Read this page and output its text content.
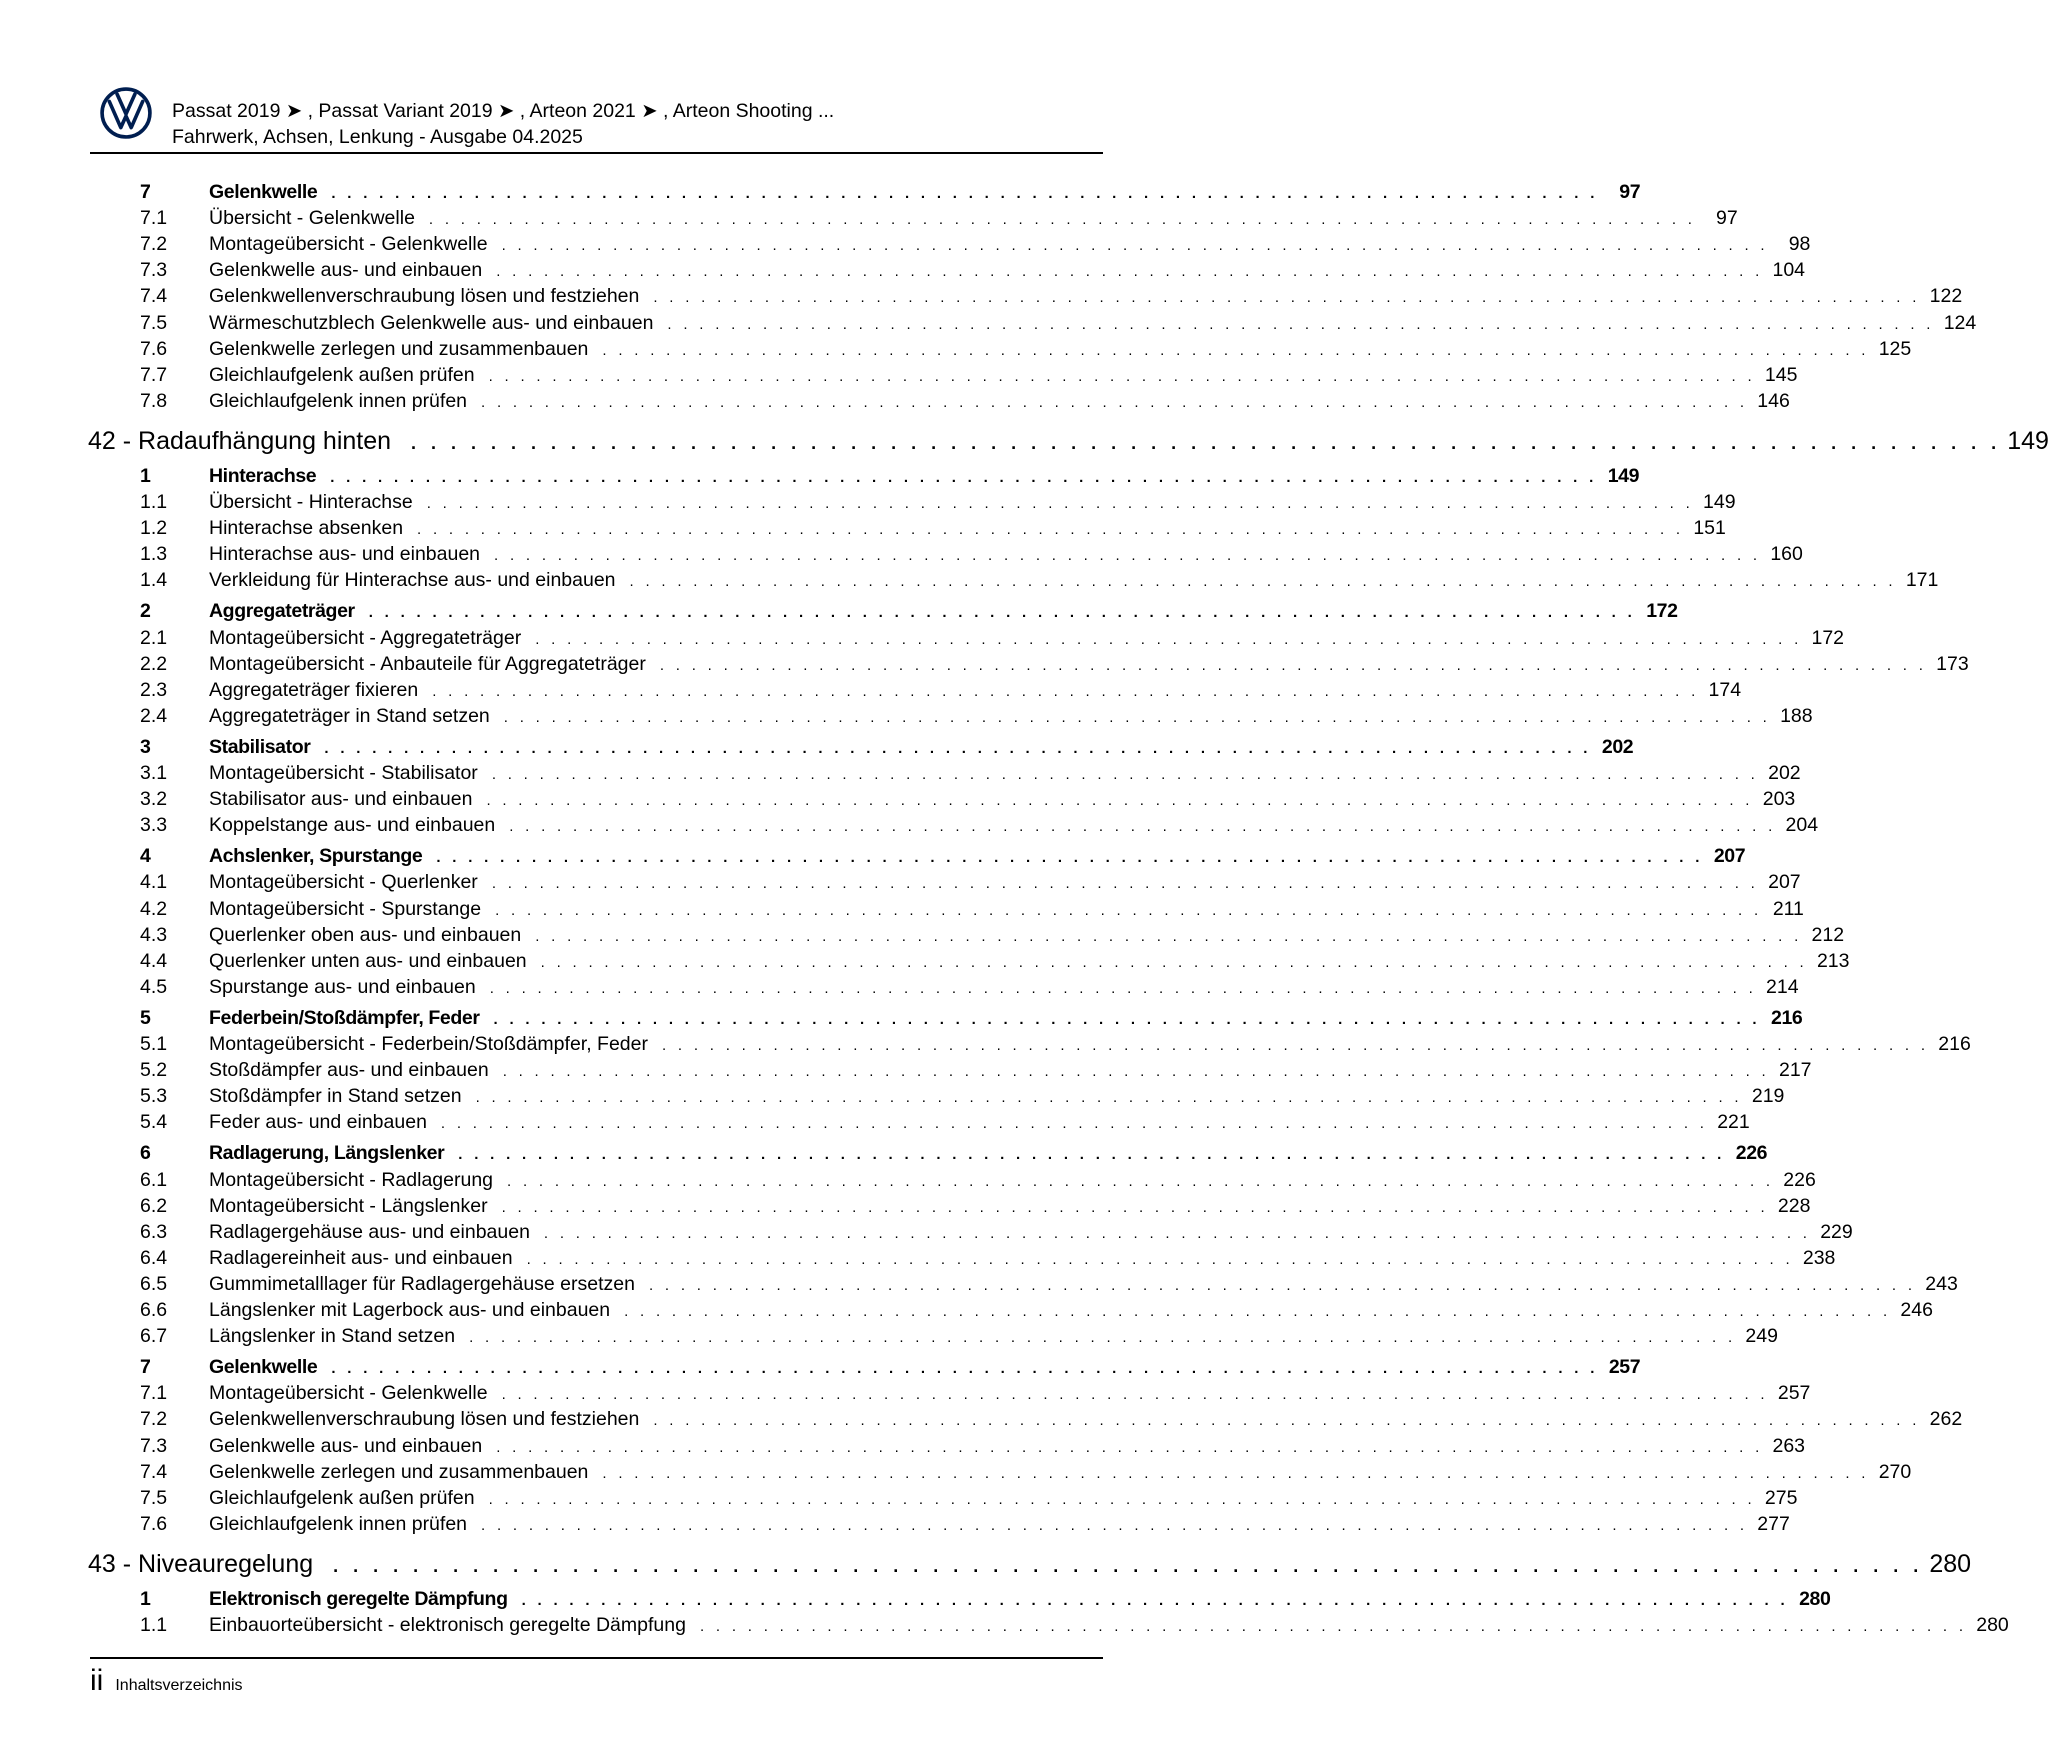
Passat 2019 ➤ , Passat Variant 2019 ➤ , Arteon 2021 ➤ , Arteon Shooting ...
Fahrwerk, Achsen, Lenkung - Ausgabe 04.2025
7	Gelenkwelle . . . . . . . . . . . . . . . . . . . . . . . . . . . . . . . . . . . . . . . . . . . . . . . . . . . . . . . . . . . . . . . . . . . . . . . . . . . . . . . .	97
7.1	Übersicht - Gelenkwelle . . . . . . . . . . . . . . . . . . . . . . . . . . . . . . . . . . . . . . . . . . . . . . . . . . . . . . . . . . . . . . . . . . . . . . . . . . . . . . . .	97
7.2	Montageübersicht - Gelenkwelle . . . . . . . . . . . . . . . . . . . . . . . . . . . . . . . . . . . . . . . . . . . . . . . . . . . . . . . . . . . . . . . . . . . . . . . . . . . . . . . .	98
7.3	Gelenkwelle aus- und einbauen . . . . . . . . . . . . . . . . . . . . . . . . . . . . . . . . . . . . . . . . . . . . . . . . . . . . . . . . . . . . . . . . . . . . . . . . . . . . . . . . 104
7.4	Gelenkwellenverschraubung lösen und festziehen . . . . . . . . . . . . . . . . . . . . . . . . . . . . . . . . . . . . . . . . . . . . . . . . . . . . . . . . . . . . . . . . . . . . . . . . . . . . . . . . 122
7.5	Wärmeschutzblech Gelenkwelle aus- und einbauen . . . . . . . . . . . . . . . . . . . . . . . . . . . . . . . . . . . . . . . . . . . . . . . . . . . . . . . . . . . . . . . . . . . . . . . . . . . . . . . . 124
7.6	Gelenkwelle zerlegen und zusammenbauen . . . . . . . . . . . . . . . . . . . . . . . . . . . . . . . . . . . . . . . . . . . . . . . . . . . . . . . . . . . . . . . . . . . . . . . . . . . . . . . . 125
7.7	Gleichlaufgelenk außen prüfen . . . . . . . . . . . . . . . . . . . . . . . . . . . . . . . . . . . . . . . . . . . . . . . . . . . . . . . . . . . . . . . . . . . . . . . . . . . . . . . . 145
7.8	Gleichlaufgelenk innen prüfen . . . . . . . . . . . . . . . . . . . . . . . . . . . . . . . . . . . . . . . . . . . . . . . . . . . . . . . . . . . . . . . . . . . . . . . . . . . . . . . . 146
42 - Radaufhängung hinten	. . . . . . . . . . . . . . . . . . . . . . . . . . . . . . . . . . . . . . . . . . . . . . . . . . . . . . . . . . . . . . . . . . . . . . . . . . . . . . . . 149
1	Hinterachse . . . . . . . . . . . . . . . . . . . . . . . . . . . . . . . . . . . . . . . . . . . . . . . . . . . . . . . . . . . . . . . . . . . . . . . . . . . . . . . . 149
1.1	Übersicht - Hinterachse . . . . . . . . . . . . . . . . . . . . . . . . . . . . . . . . . . . . . . . . . . . . . . . . . . . . . . . . . . . . . . . . . . . . . . . . . . . . . . . . 149
1.2	Hinterachse absenken . . . . . . . . . . . . . . . . . . . . . . . . . . . . . . . . . . . . . . . . . . . . . . . . . . . . . . . . . . . . . . . . . . . . . . . . . . . . . . . . 151
1.3	Hinterachse aus- und einbauen . . . . . . . . . . . . . . . . . . . . . . . . . . . . . . . . . . . . . . . . . . . . . . . . . . . . . . . . . . . . . . . . . . . . . . . . . . . . . . . . 160
1.4	Verkleidung für Hinterachse aus- und einbauen . . . . . . . . . . . . . . . . . . . . . . . . . . . . . . . . . . . . . . . . . . . . . . . . . . . . . . . . . . . . . . . . . . . . . . . . . . . . . . . . 171
2	Aggregateträger . . . . . . . . . . . . . . . . . . . . . . . . . . . . . . . . . . . . . . . . . . . . . . . . . . . . . . . . . . . . . . . . . . . . . . . . . . . . . . . . 172
2.1	Montageübersicht - Aggregateträger . . . . . . . . . . . . . . . . . . . . . . . . . . . . . . . . . . . . . . . . . . . . . . . . . . . . . . . . . . . . . . . . . . . . . . . . . . . . . . . . 172
2.2	Montageübersicht - Anbauteile für Aggregateträger . . . . . . . . . . . . . . . . . . . . . . . . . . . . . . . . . . . . . . . . . . . . . . . . . . . . . . . . . . . . . . . . . . . . . . . . . . . . . . . . 173
2.3	Aggregateträger fixieren . . . . . . . . . . . . . . . . . . . . . . . . . . . . . . . . . . . . . . . . . . . . . . . . . . . . . . . . . . . . . . . . . . . . . . . . . . . . . . . . 174
2.4	Aggregateträger in Stand setzen . . . . . . . . . . . . . . . . . . . . . . . . . . . . . . . . . . . . . . . . . . . . . . . . . . . . . . . . . . . . . . . . . . . . . . . . . . . . . . . . 188
3	Stabilisator . . . . . . . . . . . . . . . . . . . . . . . . . . . . . . . . . . . . . . . . . . . . . . . . . . . . . . . . . . . . . . . . . . . . . . . . . . . . . . . . 202
3.1	Montageübersicht - Stabilisator . . . . . . . . . . . . . . . . . . . . . . . . . . . . . . . . . . . . . . . . . . . . . . . . . . . . . . . . . . . . . . . . . . . . . . . . . . . . . . . . 202
3.2	Stabilisator aus- und einbauen . . . . . . . . . . . . . . . . . . . . . . . . . . . . . . . . . . . . . . . . . . . . . . . . . . . . . . . . . . . . . . . . . . . . . . . . . . . . . . . . 203
3.3	Koppelstange aus- und einbauen . . . . . . . . . . . . . . . . . . . . . . . . . . . . . . . . . . . . . . . . . . . . . . . . . . . . . . . . . . . . . . . . . . . . . . . . . . . . . . . . 204
4	Achslenker, Spurstange . . . . . . . . . . . . . . . . . . . . . . . . . . . . . . . . . . . . . . . . . . . . . . . . . . . . . . . . . . . . . . . . . . . . . . . . . . . . . . . . 207
4.1	Montageübersicht - Querlenker . . . . . . . . . . . . . . . . . . . . . . . . . . . . . . . . . . . . . . . . . . . . . . . . . . . . . . . . . . . . . . . . . . . . . . . . . . . . . . . . 207
4.2	Montageübersicht - Spurstange . . . . . . . . . . . . . . . . . . . . . . . . . . . . . . . . . . . . . . . . . . . . . . . . . . . . . . . . . . . . . . . . . . . . . . . . . . . . . . . . 211
4.3	Querlenker oben aus- und einbauen . . . . . . . . . . . . . . . . . . . . . . . . . . . . . . . . . . . . . . . . . . . . . . . . . . . . . . . . . . . . . . . . . . . . . . . . . . . . . . . . 212
4.4	Querlenker unten aus- und einbauen . . . . . . . . . . . . . . . . . . . . . . . . . . . . . . . . . . . . . . . . . . . . . . . . . . . . . . . . . . . . . . . . . . . . . . . . . . . . . . . . 213
4.5	Spurstange aus- und einbauen . . . . . . . . . . . . . . . . . . . . . . . . . . . . . . . . . . . . . . . . . . . . . . . . . . . . . . . . . . . . . . . . . . . . . . . . . . . . . . . . 214
5	Federbein/Stoßdämpfer, Feder . . . . . . . . . . . . . . . . . . . . . . . . . . . . . . . . . . . . . . . . . . . . . . . . . . . . . . . . . . . . . . . . . . . . . . . . . . . . . . . . 216
5.1	Montageübersicht - Federbein/Stoßdämpfer, Feder . . . . . . . . . . . . . . . . . . . . . . . . . . . . . . . . . . . . . . . . . . . . . . . . . . . . . . . . . . . . . . . . . . . . . . . . . . . . . . . . 216
5.2	Stoßdämpfer aus- und einbauen . . . . . . . . . . . . . . . . . . . . . . . . . . . . . . . . . . . . . . . . . . . . . . . . . . . . . . . . . . . . . . . . . . . . . . . . . . . . . . . . 217
5.3	Stoßdämpfer in Stand setzen . . . . . . . . . . . . . . . . . . . . . . . . . . . . . . . . . . . . . . . . . . . . . . . . . . . . . . . . . . . . . . . . . . . . . . . . . . . . . . . . 219
5.4	Feder aus- und einbauen . . . . . . . . . . . . . . . . . . . . . . . . . . . . . . . . . . . . . . . . . . . . . . . . . . . . . . . . . . . . . . . . . . . . . . . . . . . . . . . . 221
6	Radlagerung, Längslenker . . . . . . . . . . . . . . . . . . . . . . . . . . . . . . . . . . . . . . . . . . . . . . . . . . . . . . . . . . . . . . . . . . . . . . . . . . . . . . . . 226
6.1	Montageübersicht - Radlagerung . . . . . . . . . . . . . . . . . . . . . . . . . . . . . . . . . . . . . . . . . . . . . . . . . . . . . . . . . . . . . . . . . . . . . . . . . . . . . . . . 226
6.2	Montageübersicht - Längslenker . . . . . . . . . . . . . . . . . . . . . . . . . . . . . . . . . . . . . . . . . . . . . . . . . . . . . . . . . . . . . . . . . . . . . . . . . . . . . . . . 228
6.3	Radlagergehäuse aus- und einbauen . . . . . . . . . . . . . . . . . . . . . . . . . . . . . . . . . . . . . . . . . . . . . . . . . . . . . . . . . . . . . . . . . . . . . . . . . . . . . . . . 229
6.4	Radlagereinheit aus- und einbauen . . . . . . . . . . . . . . . . . . . . . . . . . . . . . . . . . . . . . . . . . . . . . . . . . . . . . . . . . . . . . . . . . . . . . . . . . . . . . . . . 238
6.5	Gummimetalllager für Radlagergehäuse ersetzen . . . . . . . . . . . . . . . . . . . . . . . . . . . . . . . . . . . . . . . . . . . . . . . . . . . . . . . . . . . . . . . . . . . . . . . . . . . . . . . . 243
6.6	Längslenker mit Lagerbock aus- und einbauen . . . . . . . . . . . . . . . . . . . . . . . . . . . . . . . . . . . . . . . . . . . . . . . . . . . . . . . . . . . . . . . . . . . . . . . . . . . . . . . . 246
6.7	Längslenker in Stand setzen . . . . . . . . . . . . . . . . . . . . . . . . . . . . . . . . . . . . . . . . . . . . . . . . . . . . . . . . . . . . . . . . . . . . . . . . . . . . . . . . 249
7	Gelenkwelle . . . . . . . . . . . . . . . . . . . . . . . . . . . . . . . . . . . . . . . . . . . . . . . . . . . . . . . . . . . . . . . . . . . . . . . . . . . . . . . . 257
7.1	Montageübersicht - Gelenkwelle . . . . . . . . . . . . . . . . . . . . . . . . . . . . . . . . . . . . . . . . . . . . . . . . . . . . . . . . . . . . . . . . . . . . . . . . . . . . . . . . 257
7.2	Gelenkwellenverschraubung lösen und festziehen . . . . . . . . . . . . . . . . . . . . . . . . . . . . . . . . . . . . . . . . . . . . . . . . . . . . . . . . . . . . . . . . . . . . . . . . . . . . . . . . 262
7.3	Gelenkwelle aus- und einbauen . . . . . . . . . . . . . . . . . . . . . . . . . . . . . . . . . . . . . . . . . . . . . . . . . . . . . . . . . . . . . . . . . . . . . . . . . . . . . . . . 263
7.4	Gelenkwelle zerlegen und zusammenbauen . . . . . . . . . . . . . . . . . . . . . . . . . . . . . . . . . . . . . . . . . . . . . . . . . . . . . . . . . . . . . . . . . . . . . . . . . . . . . . . . 270
7.5	Gleichlaufgelenk außen prüfen . . . . . . . . . . . . . . . . . . . . . . . . . . . . . . . . . . . . . . . . . . . . . . . . . . . . . . . . . . . . . . . . . . . . . . . . . . . . . . . . 275
7.6	Gleichlaufgelenk innen prüfen . . . . . . . . . . . . . . . . . . . . . . . . . . . . . . . . . . . . . . . . . . . . . . . . . . . . . . . . . . . . . . . . . . . . . . . . . . . . . . . . 277
43 - Niveauregelung	. . . . . . . . . . . . . . . . . . . . . . . . . . . . . . . . . . . . . . . . . . . . . . . . . . . . . . . . . . . . . . . . . . . . . . . . . . . . . . . . 280
1	Elektronisch geregelte Dämpfung . . . . . . . . . . . . . . . . . . . . . . . . . . . . . . . . . . . . . . . . . . . . . . . . . . . . . . . . . . . . . . . . . . . . . . . . . . . . . . . . 280
1.1	Einbauorteübersicht - elektronisch geregelte Dämpfung . . . . . . . . . . . . . . . . . . . . . . . . . . . . . . . . . . . . . . . . . . . . . . . . . . . . . . . . . . . . . . . . . . . . . . . . . . . . . . . . 280
ii Inhaltsverzeichnis
